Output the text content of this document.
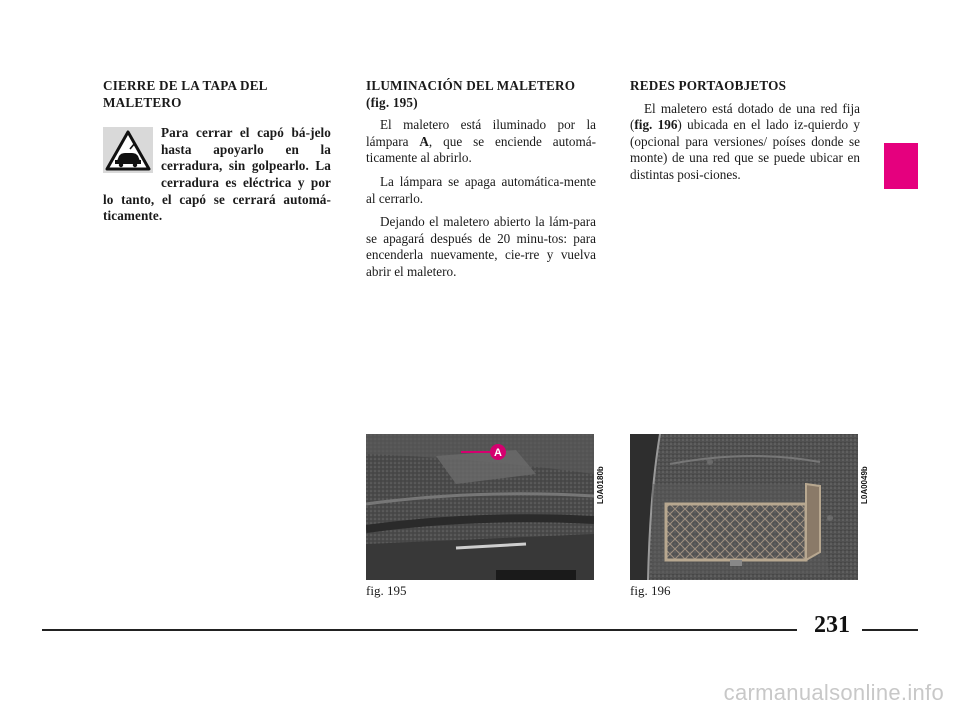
CIERRE DE LA TAPA DEL MALETERO
Para cerrar el capó bá-jelo hasta apoyarlo en la cerradura, sin golpearlo. La cerradura es eléctrica y por lo tanto, el capó se cerrará automá-ticamente.
ILUMINACIÓN DEL MALETERO
(fig. 195)

El maletero está iluminado por la lámpara A, que se enciende automá-ticamente al abrirlo.

La lámpara se apaga automática-mente al cerrarlo.

Dejando el maletero abierto la lám-para se apagará después de 20 minu-tos: para encenderla nuevamente, cie-rre y vuelva abrir el maletero.

REDES PORTAOBJETOS

El maletero está dotado de una red fija (fig. 196) ubicada en el lado iz-quierdo y (opcional para versiones/ poíses donde se monte) de una red que se puede ubicar en distintas posi-ciones.

A
L0A0180b
fig. 195
L0A0049b
fig. 196
231
carmanualsonline.info
